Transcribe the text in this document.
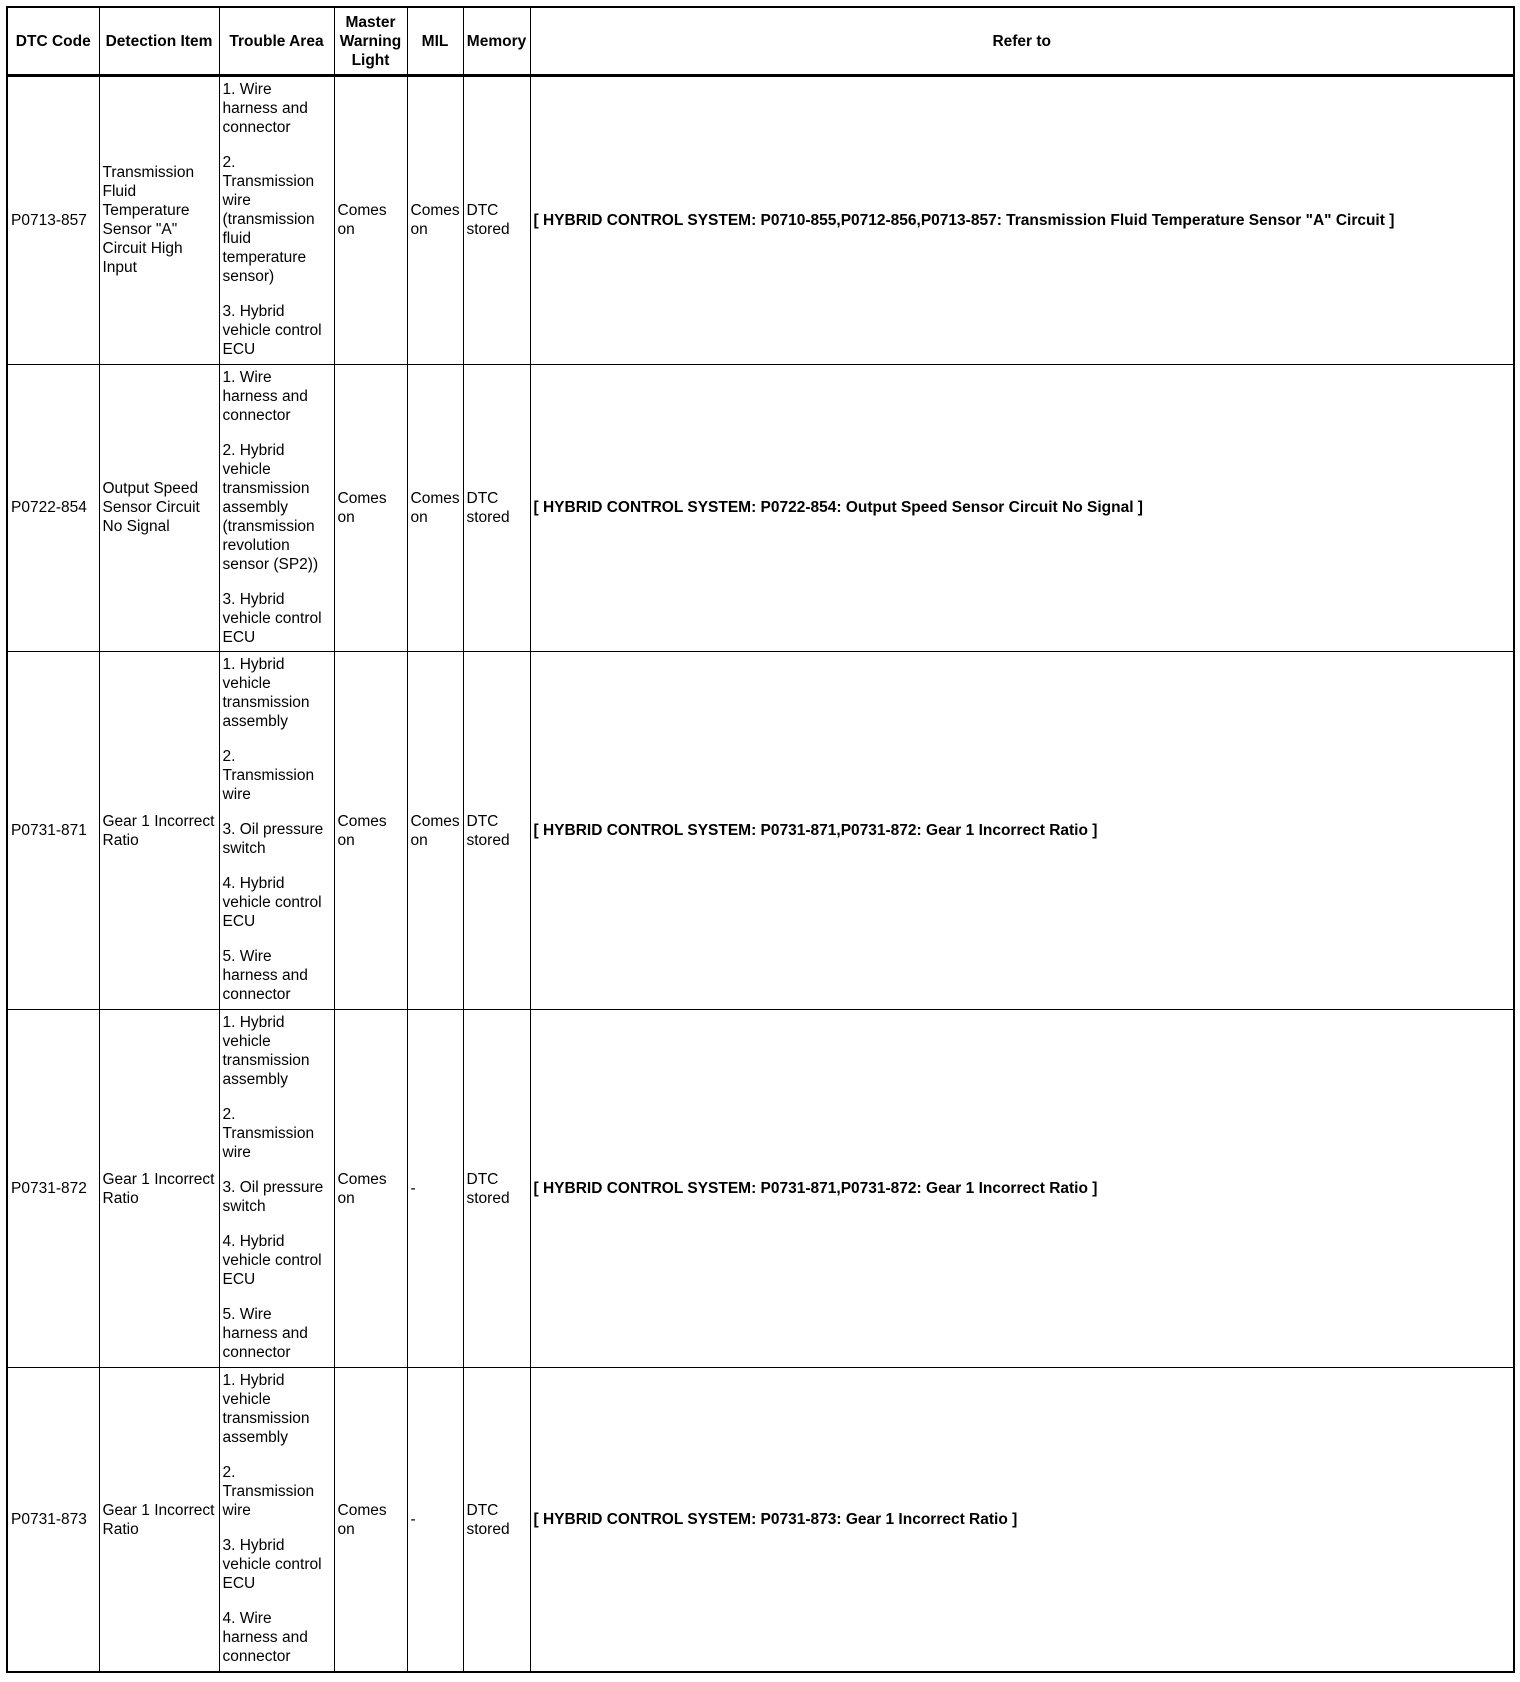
DTC Code	Detection Item	Trouble Area	Master Warning Light	MIL	Memory	Refer to
P0713-857	Transmission Fluid Temperature Sensor "A" Circuit High Input	1. Wire harness and connector

2. Transmission wire (transmission fluid temperature sensor)

3. Hybrid vehicle control ECU	Comes on	Comes on	DTC stored	[ HYBRID CONTROL SYSTEM: P0710-855,P0712-856,P0713-857: Transmission Fluid Temperature Sensor "A" Circuit ]
P0722-854	Output Speed Sensor Circuit No Signal	1. Wire harness and connector

2. Hybrid vehicle transmission assembly (transmission revolution sensor (SP2))

3. Hybrid vehicle control ECU	Comes on	Comes on	DTC stored	[ HYBRID CONTROL SYSTEM: P0722-854: Output Speed Sensor Circuit No Signal ]
P0731-871	Gear 1 Incorrect Ratio	1. Hybrid vehicle transmission assembly

2. Transmission wire

3. Oil pressure switch

4. Hybrid vehicle control ECU

5. Wire harness and connector	Comes on	Comes on	DTC stored	[ HYBRID CONTROL SYSTEM: P0731-871,P0731-872: Gear 1 Incorrect Ratio ]
P0731-872	Gear 1 Incorrect Ratio	1. Hybrid vehicle transmission assembly

2. Transmission wire

3. Oil pressure switch

4. Hybrid vehicle control ECU

5. Wire harness and connector	Comes on	-	DTC stored	[ HYBRID CONTROL SYSTEM: P0731-871,P0731-872: Gear 1 Incorrect Ratio ]
P0731-873	Gear 1 Incorrect Ratio	1. Hybrid vehicle transmission assembly

2. Transmission wire

3. Hybrid vehicle control ECU

4. Wire harness and connector	Comes on	-	DTC stored	[ HYBRID CONTROL SYSTEM: P0731-873: Gear 1 Incorrect Ratio ]
